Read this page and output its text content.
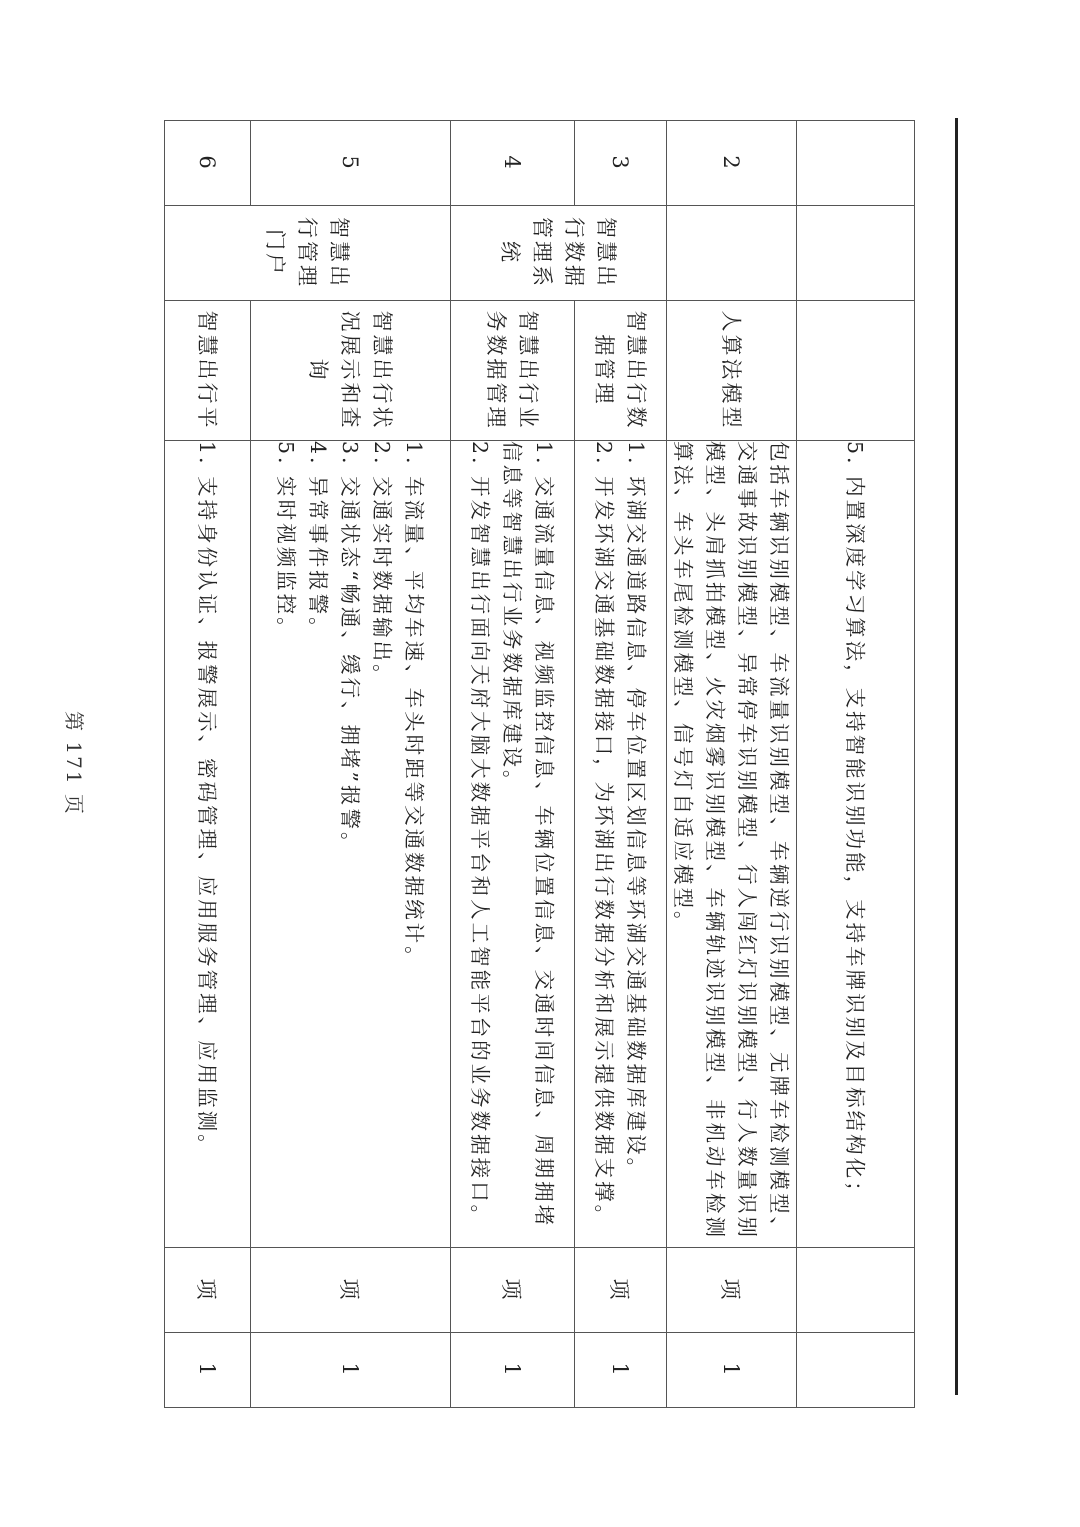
			5. 内置深度学习算法，支持智能识别功能，支持车牌识别及目标结构化；		

2		人算法模型	包括车辆识别模型、车流量识别模型、车辆逆行识别模型、无牌车检测模型、交通事故识别模型、异常停车识别模型、行人闯红灯识别模型、行人数量识别模型、头肩抓拍模型、火灾烟雾识别模型、车辆轨迹识别模型、非机动车检测算法、车头车尾检测模型、信号灯自适应模型。	项	1
3	智慧出行数据管理系统	智慧出行数据管理	1. 环湖交通道路信息、停车位置区划信息等环湖交通基础数据库建设。
2. 开发环湖交通基础数据接口，为环湖出行数据分析和展示提供数据支撑。	项	1
4		智慧出行业务数据管理	1. 交通流量信息、视频监控信息、车辆位置信息、交通时间信息、周期拥堵信息等智慧出行业务数据库建设。
2. 开发智慧出行面向天府大脑大数据平台和人工智能平台的业务数据接口。	项	1
5	智慧出行管理门户	智慧出行状况展示和查询	1. 车流量、平均车速、车头时距等交通数据统计。
2. 交通实时数据输出。
3. 交通状态“畅通、缓行、拥堵”报警。
4. 异常事件报警。
5. 实时视频监控。	项	1
6		智慧出行平	1. 支持身份认证、报警展示、密码管理、应用服务管理、应用监测。	项	1
第 171 页
